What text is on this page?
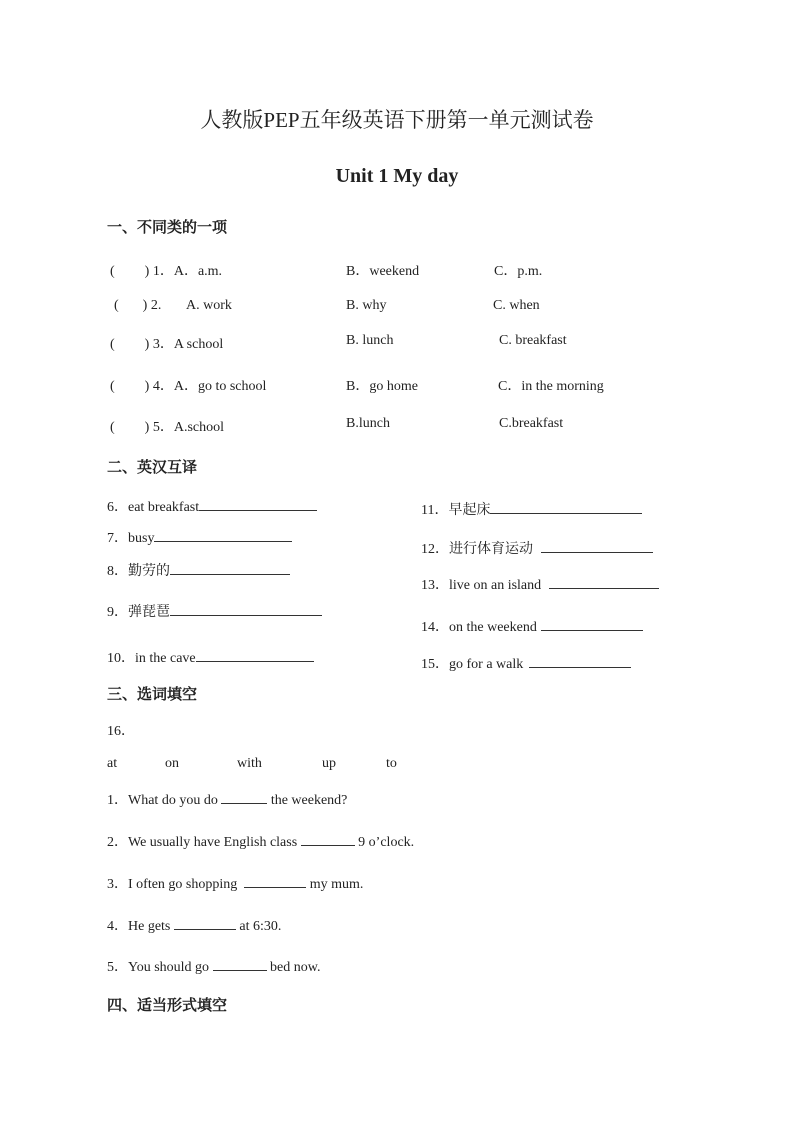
人教版PEP五年级英语下册第一单元测试卷
Unit 1 My day
一、不同类的一项
( ) 1．A．a.m.	B．weekend	C．p.m.
( ) 2. A. work	B. why	C. when
( ) 3．A school	B. lunch	C. breakfast
( ) 4．A．go to school	B．go home	C．in the morning
( ) 5．A.school	B.lunch	C.breakfast
二、英汉互译
6．eat breakfast
7．busy
8．勤劳的
9．弹琵琶
10．in the cave
11．早起床
12．进行体育运动
13．live on an island
14．on the weekend
15．go for a walk
三、选词填空
16．
at	on	with	up	to
1．What do you do	the weekend?
2．We usually have English class	9 o’clock.
3．I often go shopping	my mum.
4．He gets	at 6:30.
5．You should go	bed now.
四、适当形式填空
